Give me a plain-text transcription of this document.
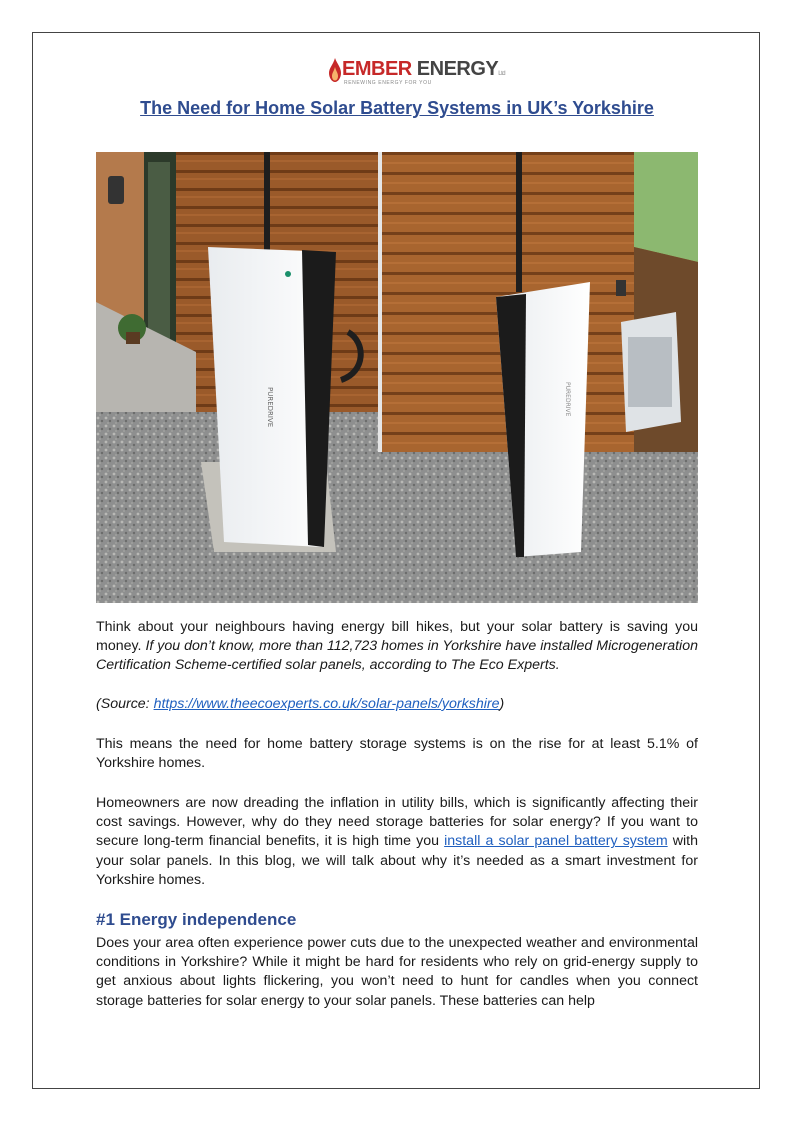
EMBER ENERGYLtd
RENEWING ENERGY FOR YOU
The Need for Home Solar Battery Systems in UK’s Yorkshire
PUREDRIVE	PUREDRIVE

Think about your neighbours having energy bill hikes, but your solar battery is saving you money. If you don’t know, more than 112,723 homes in Yorkshire have installed Microgeneration Certification Scheme-certified solar panels, according to The Eco Experts.

(Source: https://www.theecoexperts.co.uk/solar-panels/yorkshire)

This means the need for home battery storage systems is on the rise for at least 5.1% of Yorkshire homes.

Homeowners are now dreading the inflation in utility bills, which is significantly affecting their cost savings. However, why do they need storage batteries for solar energy? If you want to secure long-term financial benefits, it is high time you install a solar panel battery system with your solar panels. In this blog, we will talk about why it’s needed as a smart investment for Yorkshire homes.

#1 Energy independence

Does your area often experience power cuts due to the unexpected weather and environmental conditions in Yorkshire? While it might be hard for residents who rely on grid-energy supply to get anxious about lights flickering, you won’t need to hunt for candles when you connect storage batteries for solar energy to your solar panels. These batteries can help
